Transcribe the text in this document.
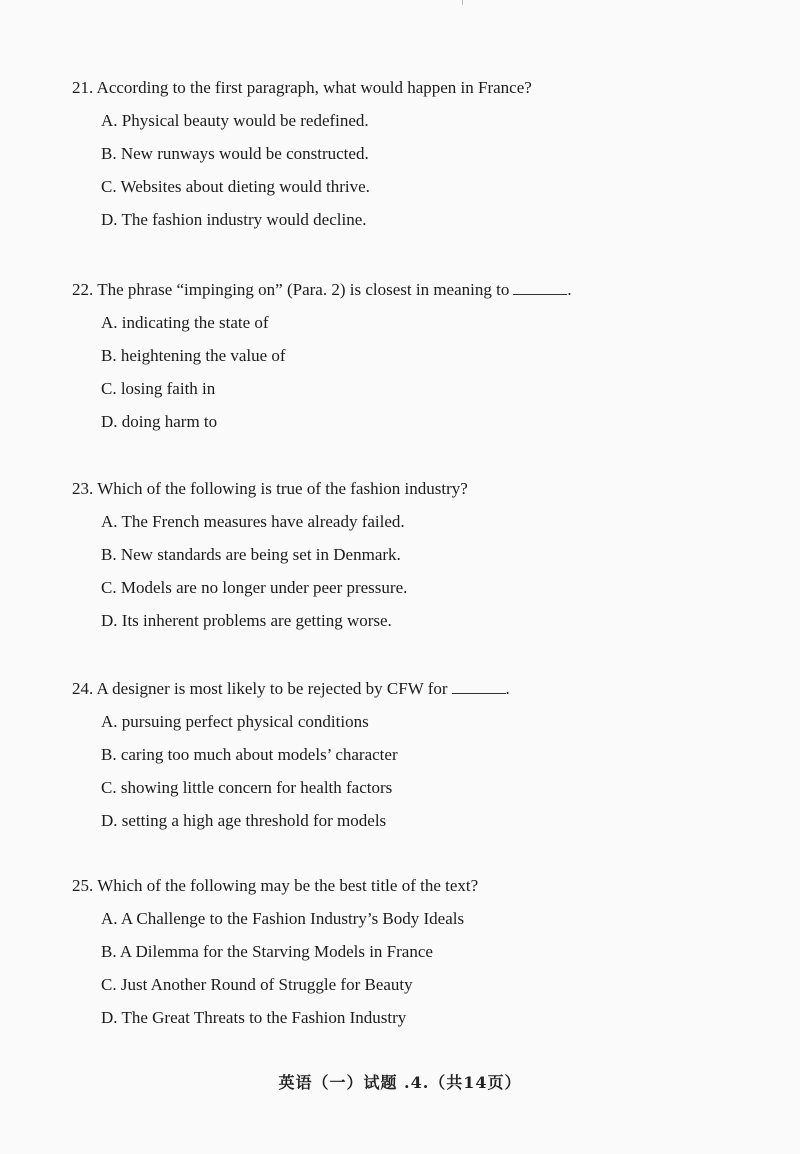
21. According to the first paragraph, what would happen in France?
A. Physical beauty would be redefined.
B. New runways would be constructed.
C. Websites about dieting would thrive.
D. The fashion industry would decline.
22. The phrase “impinging on” (Para. 2) is closest in meaning to	.
A. indicating the state of
B. heightening the value of
C. losing faith in
D. doing harm to
23. Which of the following is true of the fashion industry?
A. The French measures have already failed.
B. New standards are being set in Denmark.
C. Models are no longer under peer pressure.
D. Its inherent problems are getting worse.
24. A designer is most likely to be rejected by CFW for	.
A. pursuing perfect physical conditions
B. caring too much about models’ character
C. showing little concern for health factors
D. setting a high age threshold for models
25. Which of the following may be the best title of the text?
A. A Challenge to the Fashion Industry’s Body Ideals
B. A Dilemma for the Starving Models in France
C. Just Another Round of Struggle for Beauty
D. The Great Threats to the Fashion Industry
英语（一）试题 .4.（共14页）
